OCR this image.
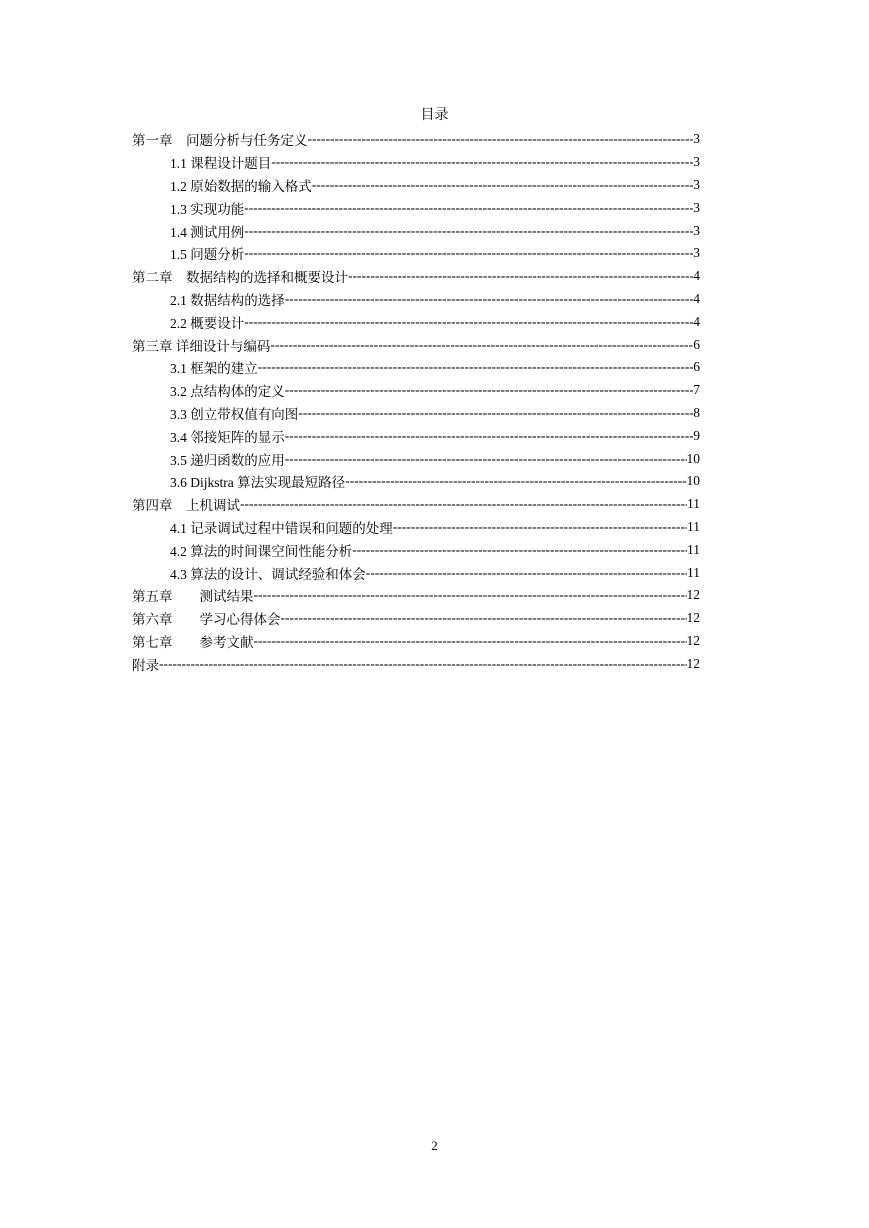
目录
第一章　问题分析与任务定义 -----	3
1.1 课程设计题目 -----	3
1.2 原始数据的输入格式 -----	3
1.3 实现功能 -----	3
1.4 测试用例 -----	3
1.5 问题分析 -----	3
第二章　数据结构的选择和概要设计 -----	4
2.1 数据结构的选择 -----	4
2.2 概要设计 -----	4
第三章 详细设计与编码 -----	6
3.1 框架的建立 -----	6
3.2 点结构体的定义 -----	7
3.3 创立带权值有向图 -----	8
3.4 邻接矩阵的显示 -----	9
3.5 递归函数的应用 -----	10
3.6 Dijkstra 算法实现最短路径 -----	10
第四章　上机调试 -----	11
4.1 记录调试过程中错误和问题的处理 -----	11
4.2 算法的时间课空间性能分析 -----	11
4.3 算法的设计、调试经验和体会 -----	11
第五章　　测试结果 -----	12
第六章　　学习心得体会 -----	12
第七章　　参考文献 -----	12
附录 -----	12
2
